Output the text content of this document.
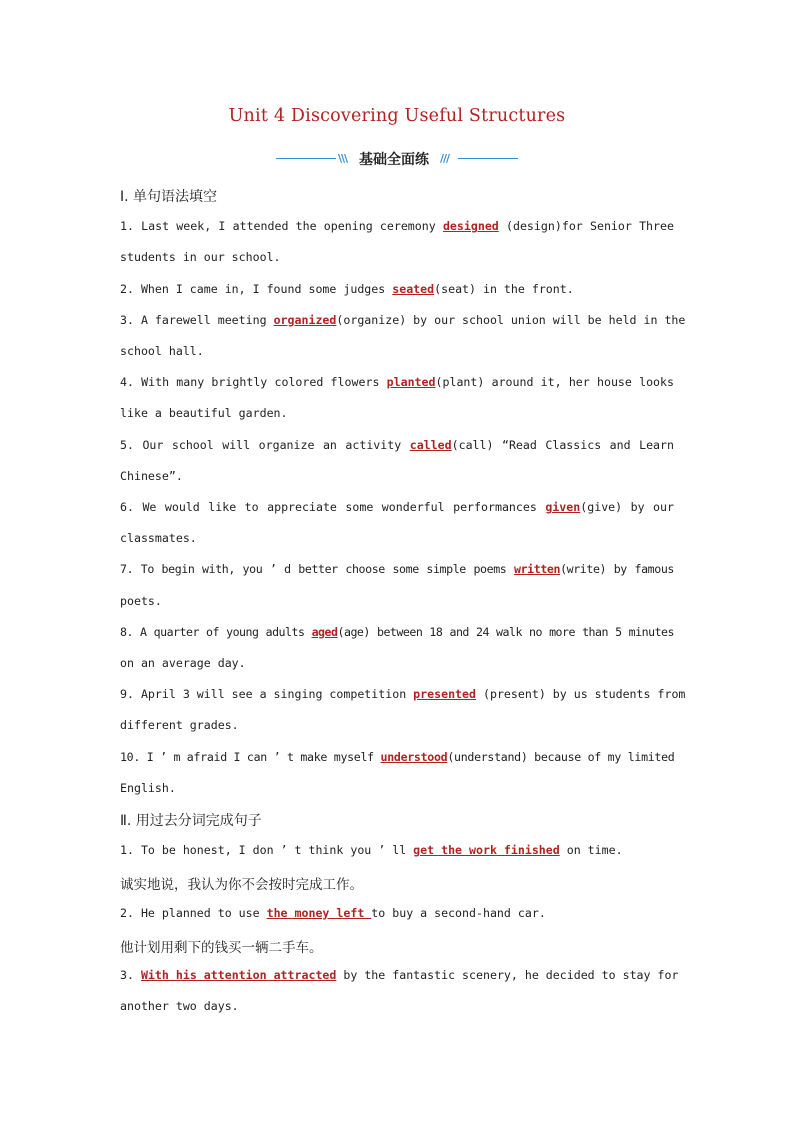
Unit 4 Discovering Useful Structures
\\\ 基础全面练 ///
Ⅰ. 单句语法填空
1. Last week, I attended the opening ceremony designed (design)for Senior Three
students in our school.
2. When I came in, I found some judges seated(seat) in the front.
3. A farewell meeting organized(organize) by our school union will be held in the
school hall.
4. With many brightly colored flowers planted(plant) around it, her house looks
like a beautiful garden.
5. Our school will organize an activity called(call) “Read Classics and Learn
Chinese”.
6. We would like to appreciate some wonderful performances given(give) by our
classmates.
7. To begin with, you ’ d better choose some simple poems written(write) by famous
poets.
8. A quarter of young adults aged(age) between 18 and 24 walk no more than 5 minutes
on an average day.
9. April 3 will see a singing competition presented (present) by us students from
different grades.
10. I ’ m afraid I can ’ t make myself understood(understand) because of my limited
English.
Ⅱ. 用过去分词完成句子
1. To be honest, I don ’ t think you ’ ll get the work finished on time.
诚实地说，我认为你不会按时完成工作。
2. He planned to use the money left to buy a second-hand car.
他计划用剩下的钱买一辆二手车。
3. With his attention attracted by the fantastic scenery, he decided to stay for
another two days.
